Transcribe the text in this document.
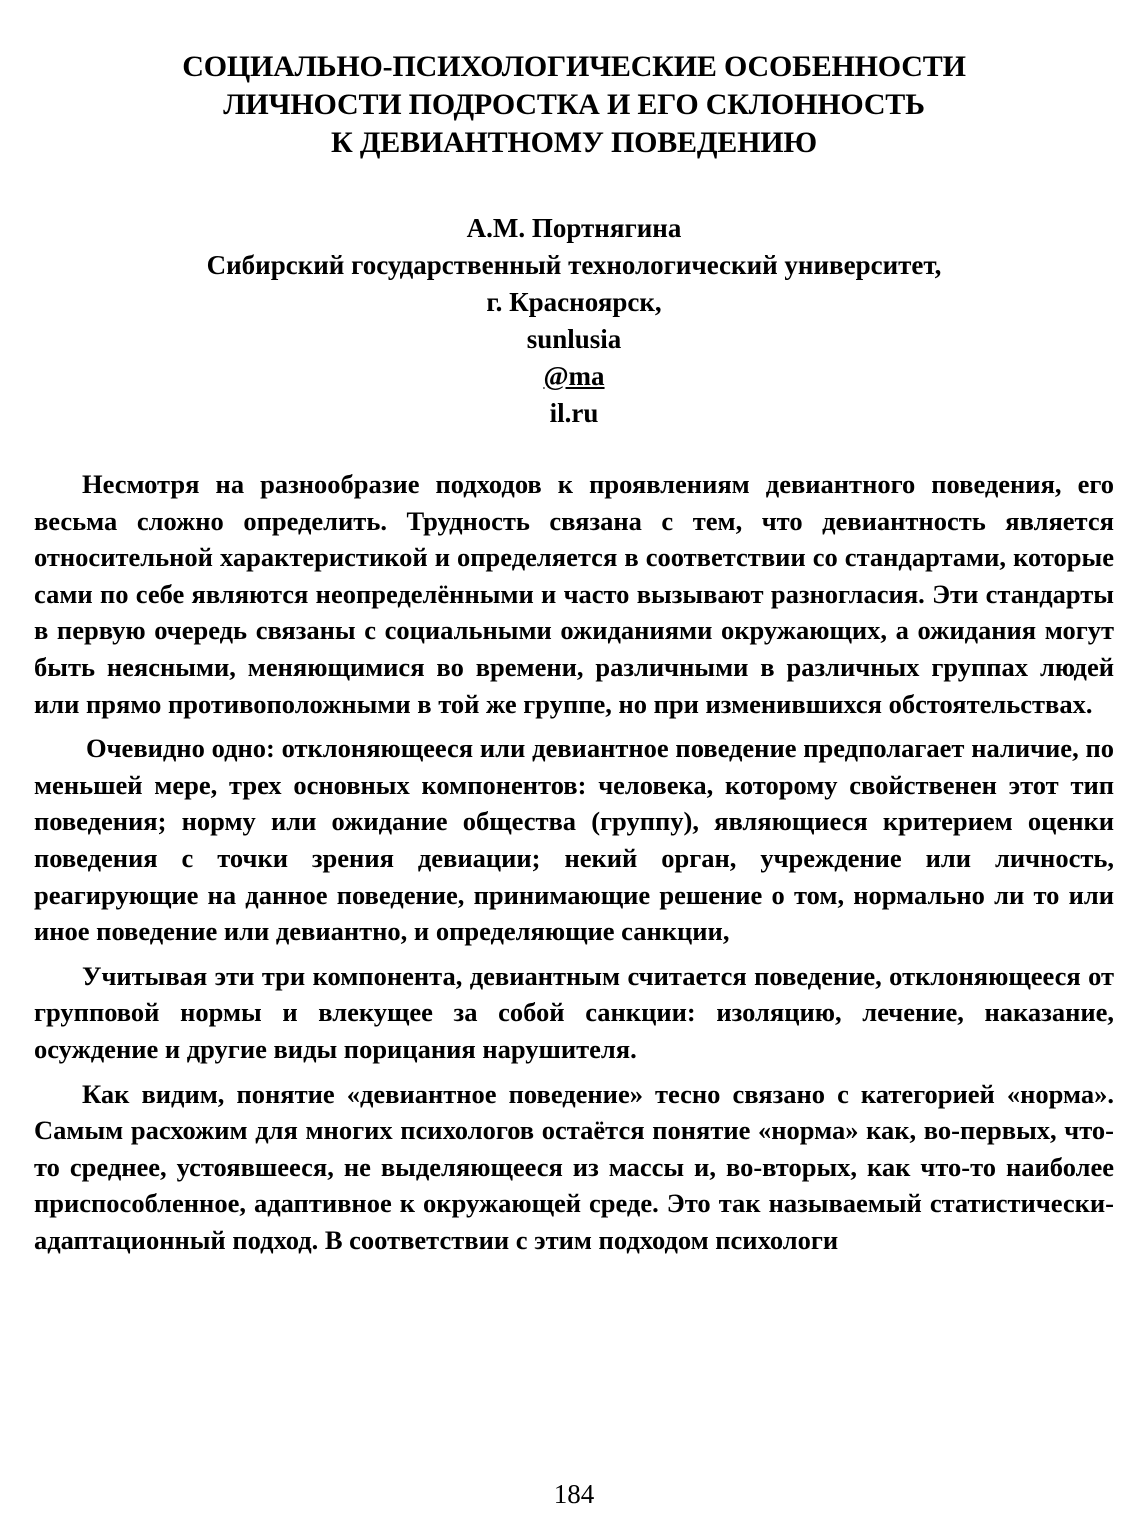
СОЦИАЛЬНО-ПСИХОЛОГИЧЕСКИЕ ОСОБЕННОСТИ
ЛИЧНОСТИ ПОДРОСТКА И ЕГО СКЛОННОСТЬ
К ДЕВИАНТНОМУ ПОВЕДЕНИЮ
А.М. Портнягина
Сибирский государственный технологический университет,
г. Красноярск,
sunlusia
@ma
il.ru

Несмотря на разнообразие подходов к проявлениям девиантного поведения, его весьма сложно определить. Трудность связана с тем, что девиантность является относительной характеристикой и определяется в соответствии со стандартами, которые сами по себе являются неопределёнными и часто вызывают разногласия. Эти стандарты в первую очередь связаны с социальными ожиданиями окружающих, а ожидания могут быть неясными, меняющимися во времени, различными в различных группах людей или прямо противоположными в той же группе, но при изменившихся обстоятельствах.

Очевидно одно: отклоняющееся или девиантное поведение предполагает наличие, по меньшей мере, трех основных компонентов: человека, которому свойственен этот тип поведения; норму или ожидание общества (группу), являющиеся критерием оценки поведения с точки зрения девиации; некий орган, учреждение или личность, реагирующие на данное поведение, принимающие решение о том, нормально ли то или иное поведение или девиантно, и определяющие санкции,

Учитывая эти три компонента, девиантным считается поведение, отклоняющееся от групповой нормы и влекущее за собой санкции: изоляцию, лечение, наказание, осуждение и другие виды порицания нарушителя.

Как видим, понятие «девиантное поведение» тесно связано с категорией «норма». Самым расхожим для многих психологов остаётся понятие «норма» как, во-первых, что-то среднее, устоявшееся, не выделяющееся из массы и, во-вторых, как что-то наиболее приспособленное, адаптивное к окружающей среде. Это так называемый статистически-адаптационный подход. В соответствии с этим подходом психологи

184
